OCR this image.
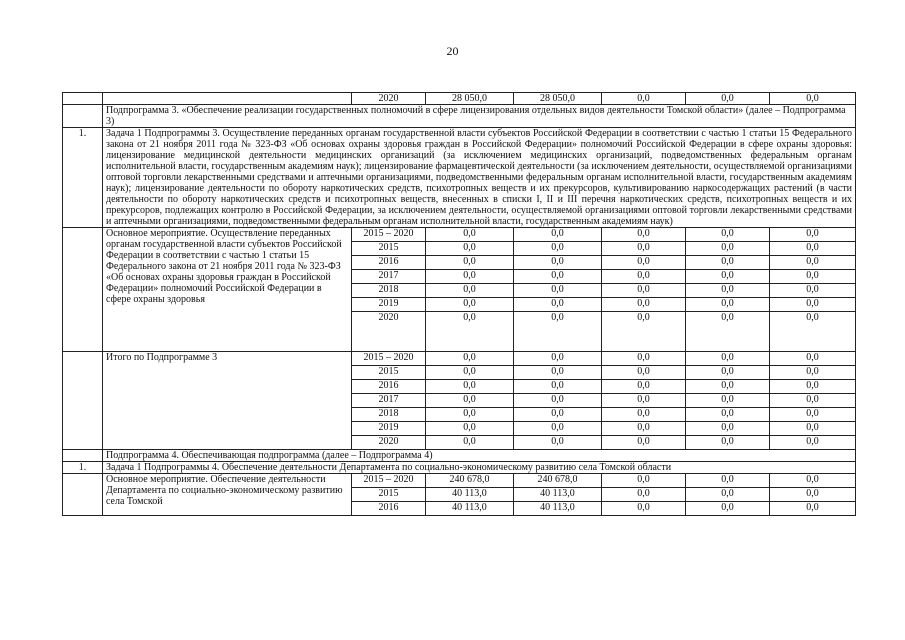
20
		2020	28 050,0	28 050,0	0,0	0,0	0,0
	Подпрограмма 3. «Обеспечение реализации государственных полномочий в сфере лицензирования отдельных видов деятельности Томской области» (далее – Подпрограмма 3)						
1.	Задача 1 Подпрограммы 3. Осуществление переданных органам государственной власти субъектов Российской Федерации в соответствии с частью 1 статьи 15 Федерального закона от 21 ноября 2011 года № 323-ФЗ «Об основах охраны здоровья граждан в Российской Федерации» полномочий Российской Федерации в сфере охраны здоровья: лицензирование медицинской деятельности медицинских организаций (за исключением медицинских организаций, подведомственных федеральным органам исполнительной власти, государственным академиям наук); лицензирование фармацевтической деятельности (за исключением деятельности, осуществляемой организациями оптовой торговли лекарственными средствами и аптечными организациями, подведомственными федеральным органам исполнительной власти, государственным академиям наук); лицензирование деятельности по обороту наркотических средств, психотропных веществ и их прекурсоров, культивированию наркосодержащих растений (в части деятельности по обороту наркотических средств и психотропных веществ, внесенных в списки I, II и III перечня наркотических средств, психотропных веществ и их прекурсоров, подлежащих контролю в Российской Федерации, за исключением деятельности, осуществляемой организациями оптовой торговли лекарственными средствами и аптечными организациями, подведомственными федеральным органам исполнительной власти, государственным академиям наук)						
	Основное мероприятие. Осуществление переданных органам государственной власти субъектов Российской Федерации в соответствии с частью 1 статьи 15 Федерального закона от 21 ноября 2011 года № 323-ФЗ «Об основах охраны здоровья граждан в Российской Федерации» полномочий Российской Федерации в сфере охраны здоровья	2015 – 2020	0,0	0,0	0,0	0,0	0,0
		2015	0,0	0,0	0,0	0,0	0,0
		2016	0,0	0,0	0,0	0,0	0,0
		2017	0,0	0,0	0,0	0,0	0,0
		2018	0,0	0,0	0,0	0,0	0,0
		2019	0,0	0,0	0,0	0,0	0,0
		2020	0,0	0,0	0,0	0,0	0,0
	Итого по Подпрограмме 3	2015 – 2020	0,0	0,0	0,0	0,0	0,0
		2015	0,0	0,0	0,0	0,0	0,0
		2016	0,0	0,0	0,0	0,0	0,0
		2017	0,0	0,0	0,0	0,0	0,0
		2018	0,0	0,0	0,0	0,0	0,0
		2019	0,0	0,0	0,0	0,0	0,0
		2020	0,0	0,0	0,0	0,0	0,0
	Подпрограмма 4. Обеспечивающая подпрограмма (далее – Подпрограмма 4)						
1.	Задача 1 Подпрограммы 4. Обеспечение деятельности Департамента по социально-экономическому развитию села Томской области						
	Основное мероприятие. Обеспечение деятельности Департамента по социально-экономическому развитию села Томской	2015 – 2020	240 678,0	240 678,0	0,0	0,0	0,0
		2015	40 113,0	40 113,0	0,0	0,0	0,0
		2016	40 113,0	40 113,0	0,0	0,0	0,0
